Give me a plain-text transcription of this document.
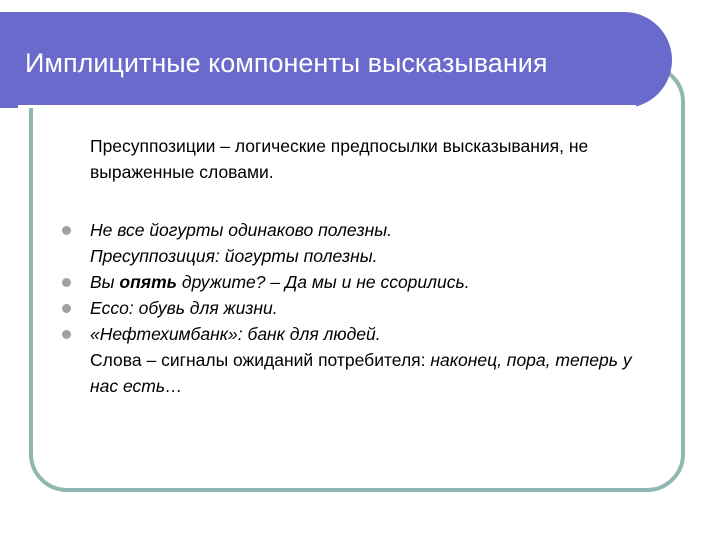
Имплицитные компоненты высказывания

Пресуппозиции – логические предпосылки высказывания, не выраженные словами.

Не все йогурты одинаково полезны.
Пресуппозиция: йогурты полезны.
Вы опять дружите? – Да мы и не ссорились.
Ecco: обувь для жизни.
«Нефтехимбанк»: банк для людей.
Слова – сигналы ожиданий потребителя: наконец, пора, теперь у нас есть…
